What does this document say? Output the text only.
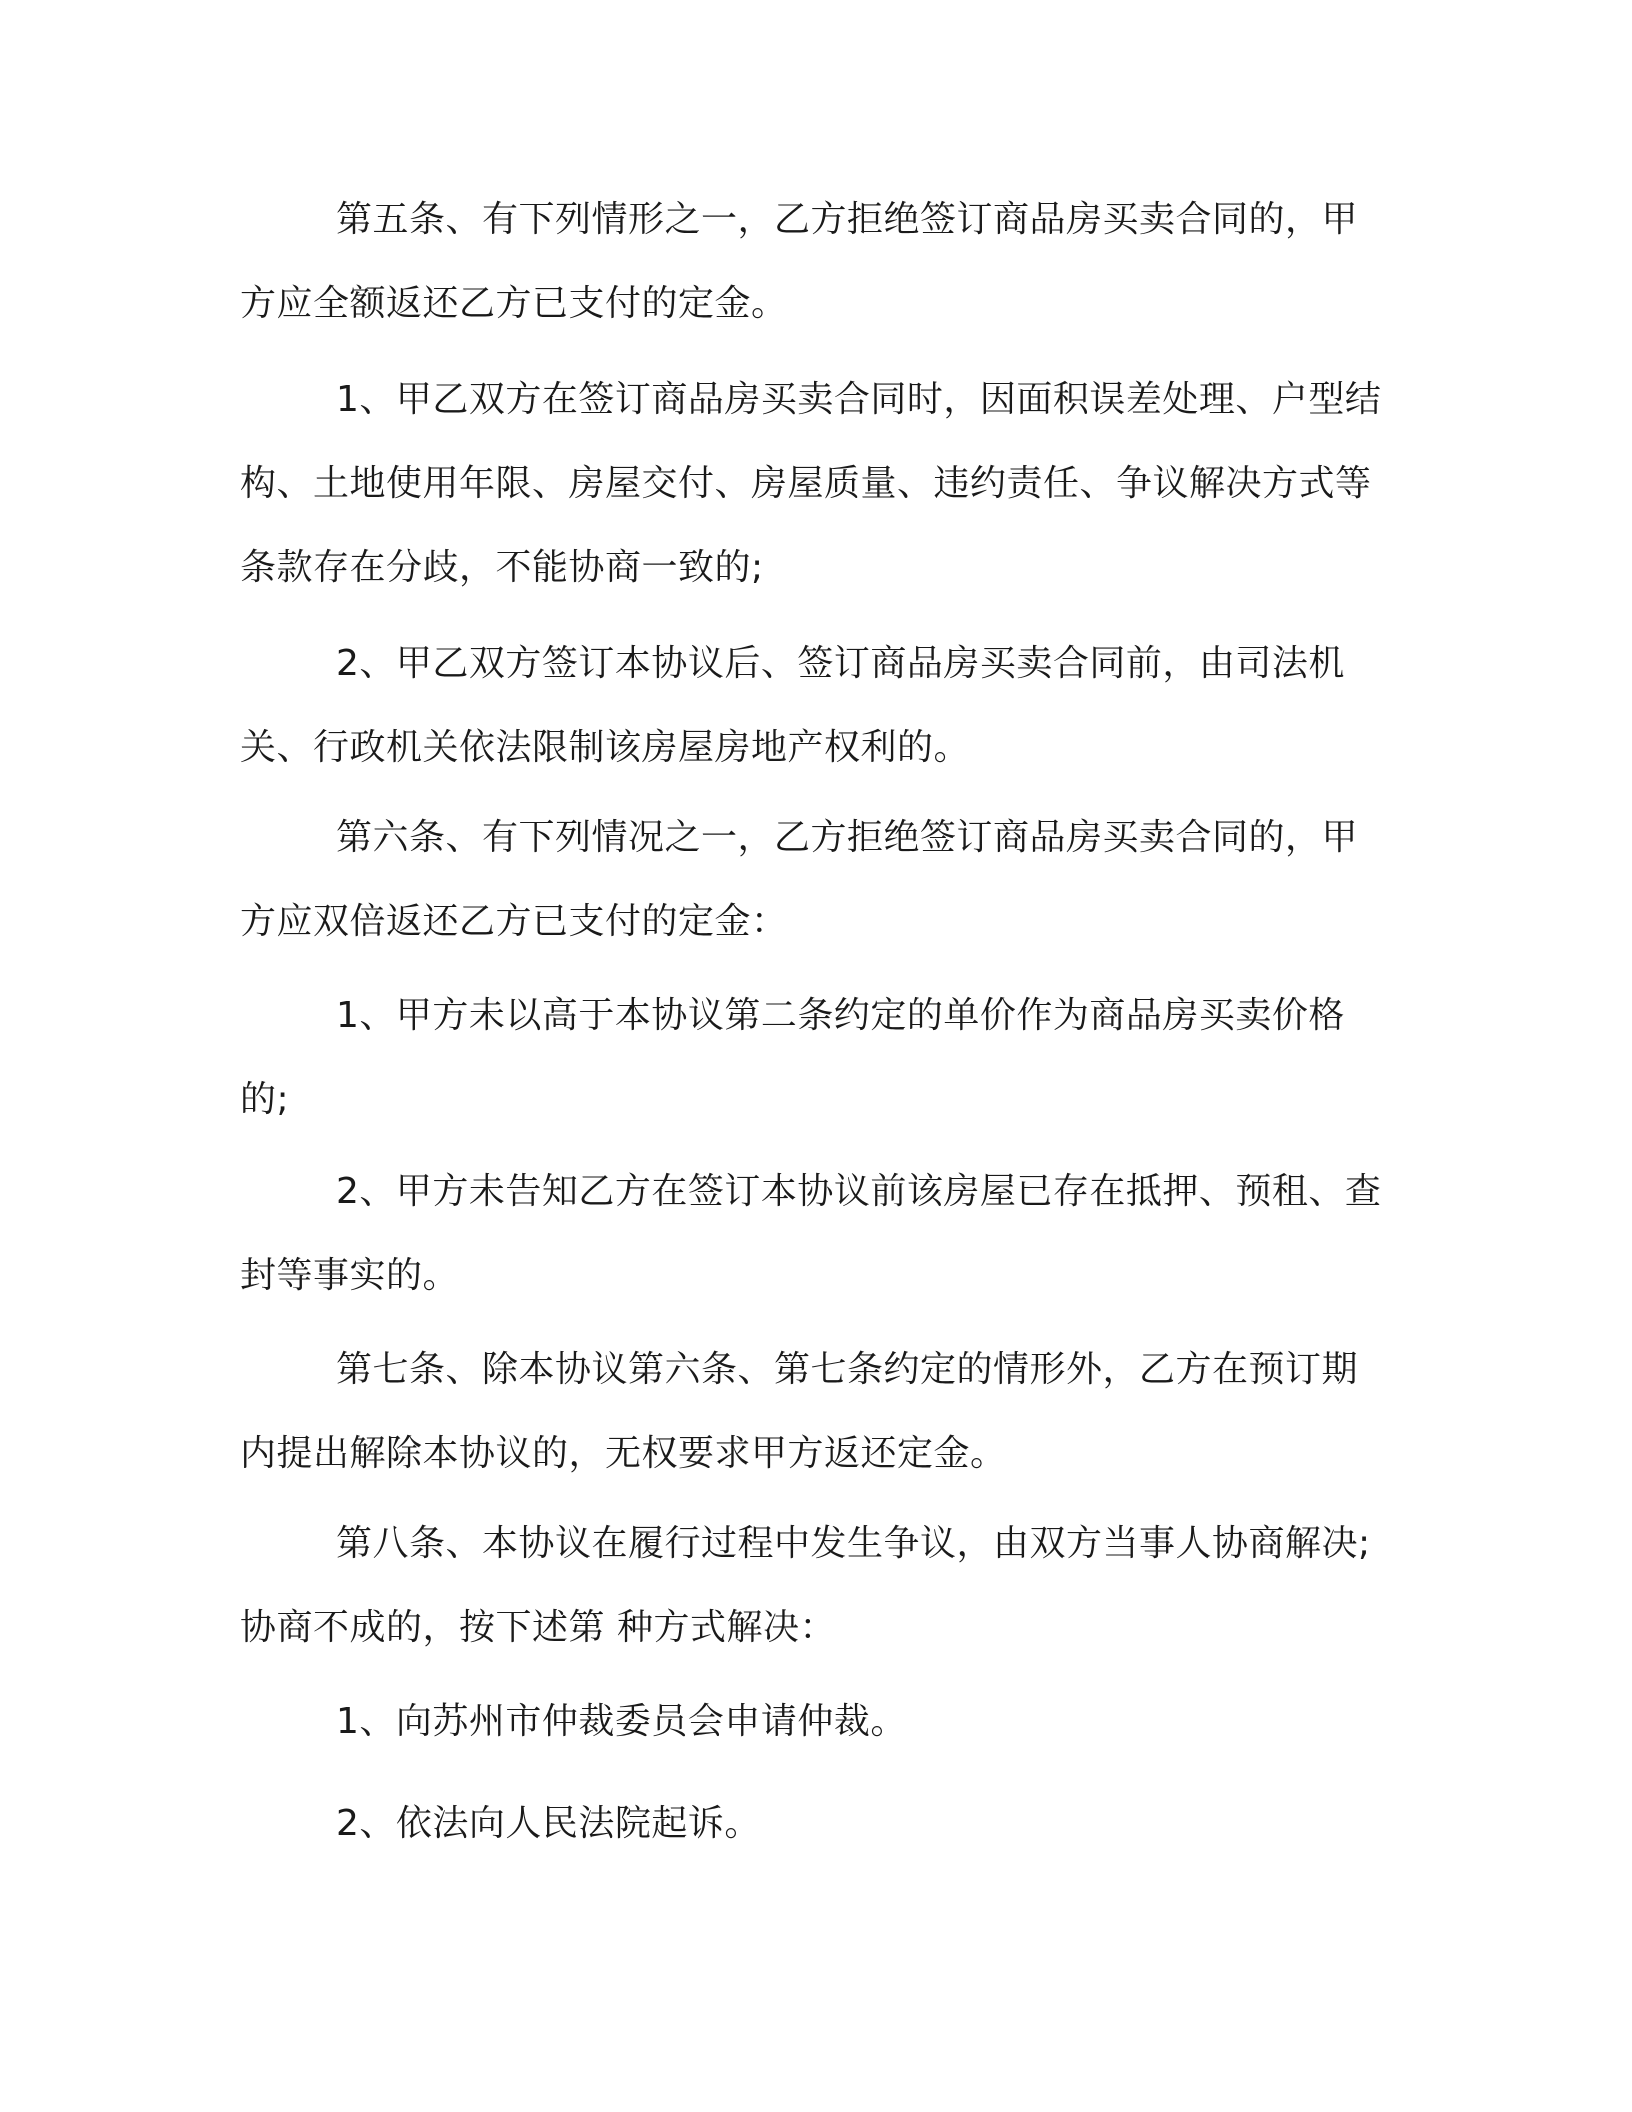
第五条、有下列情形之一，乙方拒绝签订商品房买卖合同的，甲方应全额返还乙方已支付的定金。

1、甲乙双方在签订商品房买卖合同时，因面积误差处理、户型结构、土地使用年限、房屋交付、房屋质量、违约责任、争议解决方式等条款存在分歧，不能协商一致的;

2、甲乙双方签订本协议后、签订商品房买卖合同前，由司法机关、行政机关依法限制该房屋房地产权利的。

第六条、有下列情况之一，乙方拒绝签订商品房买卖合同的，甲方应双倍返还乙方已支付的定金：

1、甲方未以高于本协议第二条约定的单价作为商品房买卖价格的;

2、甲方未告知乙方在签订本协议前该房屋已存在抵押、预租、查封等事实的。

第七条、除本协议第六条、第七条约定的情形外，乙方在预订期内提出解除本协议的，无权要求甲方返还定金。

第八条、本协议在履行过程中发生争议，由双方当事人协商解决;协商不成的，按下述第 种方式解决：

1、向苏州市仲裁委员会申请仲裁。

2、依法向人民法院起诉。
